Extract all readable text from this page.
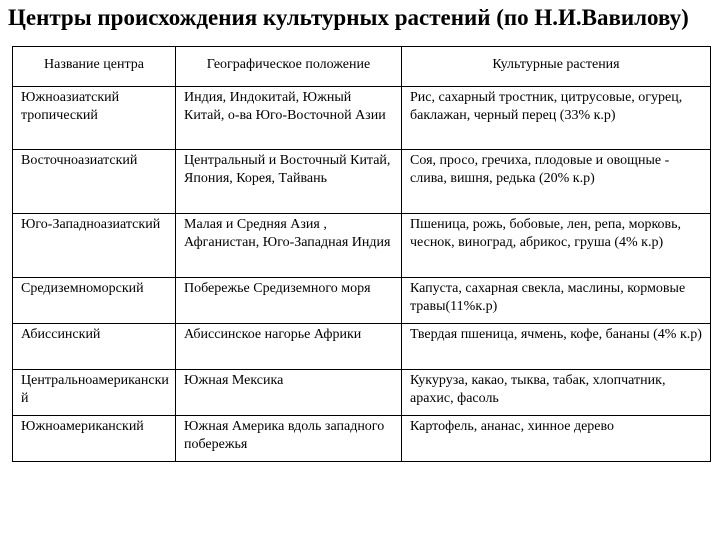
Центры происхождения культурных растений (по Н.И.Вавилову)
Название центра	Географическое положение	Культурные растения
Южноазиатский тропический	Индия, Индокитай, Южный Китай, о-ва Юго-Восточной Азии	Рис, сахарный тростник, цитрусовые, огурец, баклажан, черный перец (33% к.р)
Восточноазиатский	Центральный и Восточный Китай, Япония, Корея, Тайвань	Соя, просо, гречиха, плодовые и овощные - слива, вишня, редька (20% к.р)
Юго-Западноазиатский	Малая и Средняя Азия , Афганистан, Юго-Западная Индия	Пшеница, рожь, бобовые, лен, репа, морковь, чеснок, виноград, абрикос, груша (4% к.р)
Средиземноморский	Побережье Средиземного моря	Капуста, сахарная свекла, маслины, кормовые травы(11%к.р)
Абиссинский	Абиссинское нагорье Африки	Твердая пшеница, ячмень, кофе, бананы (4% к.р)
Центральноамериканский	Южная Мексика	Кукуруза, какао, тыква, табак, хлопчатник, арахис, фасоль
Южноамериканский	Южная Америка вдоль западного побережья	Картофель, ананас, хинное дерево
